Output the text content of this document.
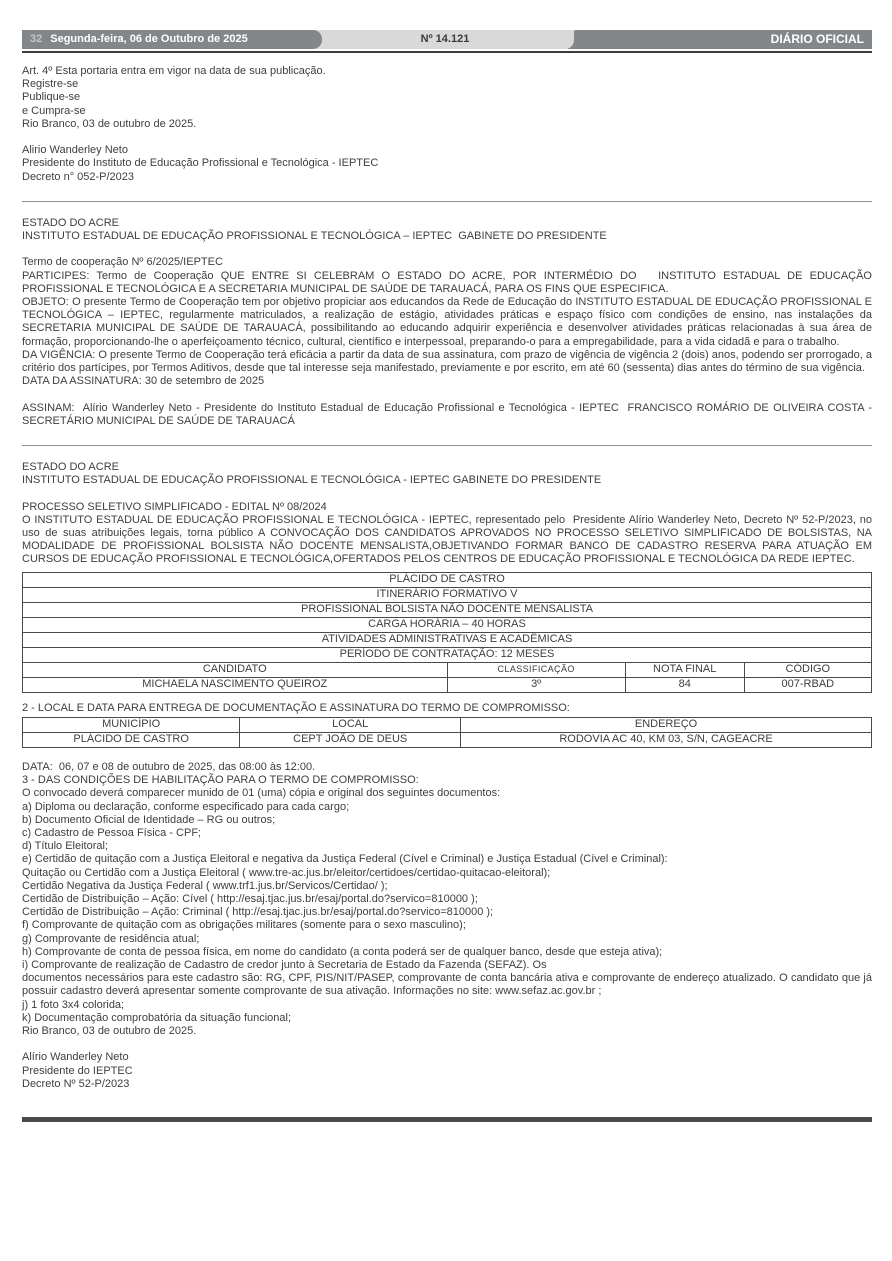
32 Segunda-feira, 06 de Outubro de 2025	Nº 14.121	DIÁRIO OFICIAL
Art. 4º Esta portaria entra em vigor na data de sua publicação.
Registre-se
Publique-se
e Cumpra-se
Rio Branco, 03 de outubro de 2025.
Alirio Wanderley Neto
Presidente do Instituto de Educação Profissional e Tecnológica - IEPTEC
Decreto n° 052-P/2023
ESTADO DO ACRE
INSTITUTO ESTADUAL DE EDUCAÇÃO PROFISSIONAL E TECNOLÓGICA – IEPTEC  GABINETE DO PRESIDENTE
Termo de cooperação Nº 6/2025/IEPTEC
PARTICIPES: Termo de Cooperação QUE ENTRE SI CELEBRAM O ESTADO DO ACRE, POR INTERMÉDIO DO   INSTITUTO ESTADUAL DE EDUCAÇÃO PROFISSIONAL E TECNOLÓGICA E A SECRETARIA MUNICIPAL DE SAÚDE DE TARAUACÁ, PARA OS FINS QUE ESPECIFICA.
OBJETO: O presente Termo de Cooperação tem por objetivo propiciar aos educandos da Rede de Educação do INSTITUTO ESTADUAL DE EDUCAÇÃO PROFISSIONAL E TECNOLÓGICA – IEPTEC, regularmente matriculados, a realização de estágio, atividades práticas e espaço físico com condições de ensino, nas instalações da SECRETARIA MUNICIPAL DE SAÚDE DE TARAUACÁ, possibilitando ao educando adquirir experiência e desenvolver atividades práticas relacionadas à sua área de formação, proporcionando-lhe o aperfeiçoamento técnico, cultural, científico e interpessoal, preparando-o para a empregabilidade, para a vida cidadã e para o trabalho.
DA VIGÊNCIA: O presente Termo de Cooperação terá eficácia a partir da data de sua assinatura, com prazo de vigência de vigência 2 (dois) anos, podendo ser prorrogado, a critério dos partícipes, por Termos Aditivos, desde que tal interesse seja manifestado, previamente e por escrito, em até 60 (sessenta) dias antes do término de sua vigência.
DATA DA ASSINATURA: 30 de setembro de 2025
ASSINAM:  Alírio Wanderley Neto - Presidente do Instituto Estadual de Educação Profissional e Tecnológica - IEPTEC  FRANCISCO ROMÁRIO DE OLIVEIRA COSTA - SECRETÁRIO MUNICIPAL DE SAÚDE DE TARAUACÁ
ESTADO DO ACRE
INSTITUTO ESTADUAL DE EDUCAÇÃO PROFISSIONAL E TECNOLÓGICA - IEPTEC GABINETE DO PRESIDENTE
PROCESSO SELETIVO SIMPLIFICADO - EDITAL Nº 08/2024
O INSTITUTO ESTADUAL DE EDUCAÇÃO PROFISSIONAL E TECNOLÓGICA - IEPTEC, representado pelo  Presidente Alírio Wanderley Neto, Decreto Nº 52-P/2023, no uso de suas atribuições legais, torna público A CONVOCAÇÃO DOS CANDIDATOS APROVADOS NO PROCESSO SELETIVO SIMPLIFICADO DE BOLSISTAS, NA MODALIDADE DE PROFISSIONAL BOLSISTA NÃO DOCENTE MENSALISTA,OBJETIVANDO FORMAR BANCO DE CADASTRO RESERVA PARA ATUAÇÃO EM CURSOS DE EDUCAÇÃO PROFISSIONAL E TECNOLÓGICA,OFERTADOS PELOS CENTROS DE EDUCAÇÃO PROFISSIONAL E TECNOLÓGICA DA REDE IEPTEC.
PLÁCIDO DE CASTRO			
ITINERÁRIO FORMATIVO V			
PROFISSIONAL BOLSISTA NÃO DOCENTE MENSALISTA			
CARGA HORÁRIA – 40 HORAS			
ATIVIDADES ADMINISTRATIVAS E ACADÊMICAS			
PERÍODO DE CONTRATAÇÃO: 12 MESES			
CANDIDATO	CLASSIFICAÇÃO	NOTA FINAL	CÓDIGO
MICHAELA NASCIMENTO QUEIROZ	3º	84	007-RBAD
2 - LOCAL E DATA PARA ENTREGA DE DOCUMENTAÇÃO E ASSINATURA DO TERMO DE COMPROMISSO:
MUNICÍPIO	LOCAL	ENDEREÇO
PLÁCIDO DE CASTRO	CEPT JOÃO DE DEUS	RODOVIA AC 40, KM 03, S/N, CAGEACRE
DATA:  06, 07 e 08 de outubro de 2025, das 08:00 às 12:00.
3 - DAS CONDIÇÕES DE HABILITAÇÃO PARA O TERMO DE COMPROMISSO:
O convocado deverá comparecer munido de 01 (uma) cópia e original dos seguintes documentos:
a) Diploma ou declaração, conforme especificado para cada cargo;
b) Documento Oficial de Identidade – RG ou outros;
c) Cadastro de Pessoa Física - CPF;
d) Título Eleitoral;
e) Certidão de quitação com a Justiça Eleitoral e negativa da Justiça Federal (Cível e Criminal) e Justiça Estadual (Cível e Criminal):
Quitação ou Certidão com a Justiça Eleitoral ( www.tre-ac.jus.br/eleitor/certidoes/certidao-quitacao-eleitoral);
Certidão Negativa da Justiça Federal ( www.trf1.jus.br/Servicos/Certidao/ );
Certidão de Distribuição – Ação: Cível ( http://esaj.tjac.jus.br/esaj/portal.do?servico=810000 );
Certidão de Distribuição – Ação: Criminal ( http://esaj.tjac.jus.br/esaj/portal.do?servico=810000 );
f) Comprovante de quitação com as obrigações militares (somente para o sexo masculino);
g) Comprovante de residência atual;
h) Comprovante de conta de pessoa física, em nome do candidato (a conta poderá ser de qualquer banco, desde que esteja ativa);
i) Comprovante de realização de Cadastro de credor junto à Secretaria de Estado da Fazenda (SEFAZ). Os
documentos necessários para este cadastro são: RG, CPF, PIS/NIT/PASEP, comprovante de conta bancária ativa e comprovante de endereço atualizado. O candidato que já possuir cadastro deverá apresentar somente comprovante de sua ativação. Informações no site: www.sefaz.ac.gov.br ;
j) 1 foto 3x4 colorida;
k) Documentação comprobatória da situação funcional;
Rio Branco, 03 de outubro de 2025.
Alírio Wanderley Neto
Presidente do IEPTEC
Decreto Nº 52-P/2023
